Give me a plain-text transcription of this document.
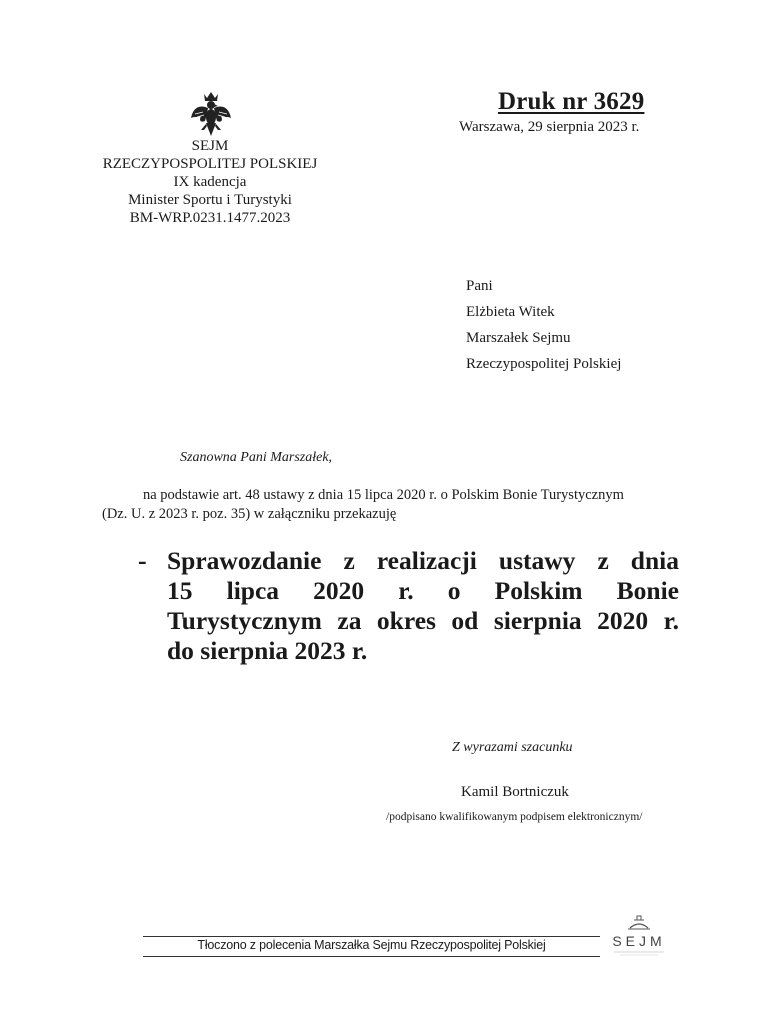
SEJM
RZECZYPOSPOLITEJ POLSKIEJ
IX kadencja
Minister Sportu i Turystyki
BM-WRP.0231.1477.2023
Druk nr 3629
Warszawa, 29 sierpnia 2023 r.
Pani
Elżbieta Witek
Marszałek Sejmu
Rzeczypospolitej Polskiej
Szanowna Pani Marszałek,
na podstawie art. 48 ustawy z dnia 15 lipca 2020 r. o Polskim Bonie Turystycznym
(Dz. U. z 2023 r. poz. 35) w załączniku przekazuję
- Sprawozdanie z realizacji ustawy z dnia
15 lipca 2020 r. o Polskim Bonie
Turystycznym za okres od sierpnia 2020 r.
do sierpnia 2023 r.
Z wyrazami szacunku
Kamil Bortniczuk
/podpisano kwalifikowanym podpisem elektronicznym/
Tłoczono z polecenia Marszałka Sejmu Rzeczypospolitej Polskiej	SEJM
